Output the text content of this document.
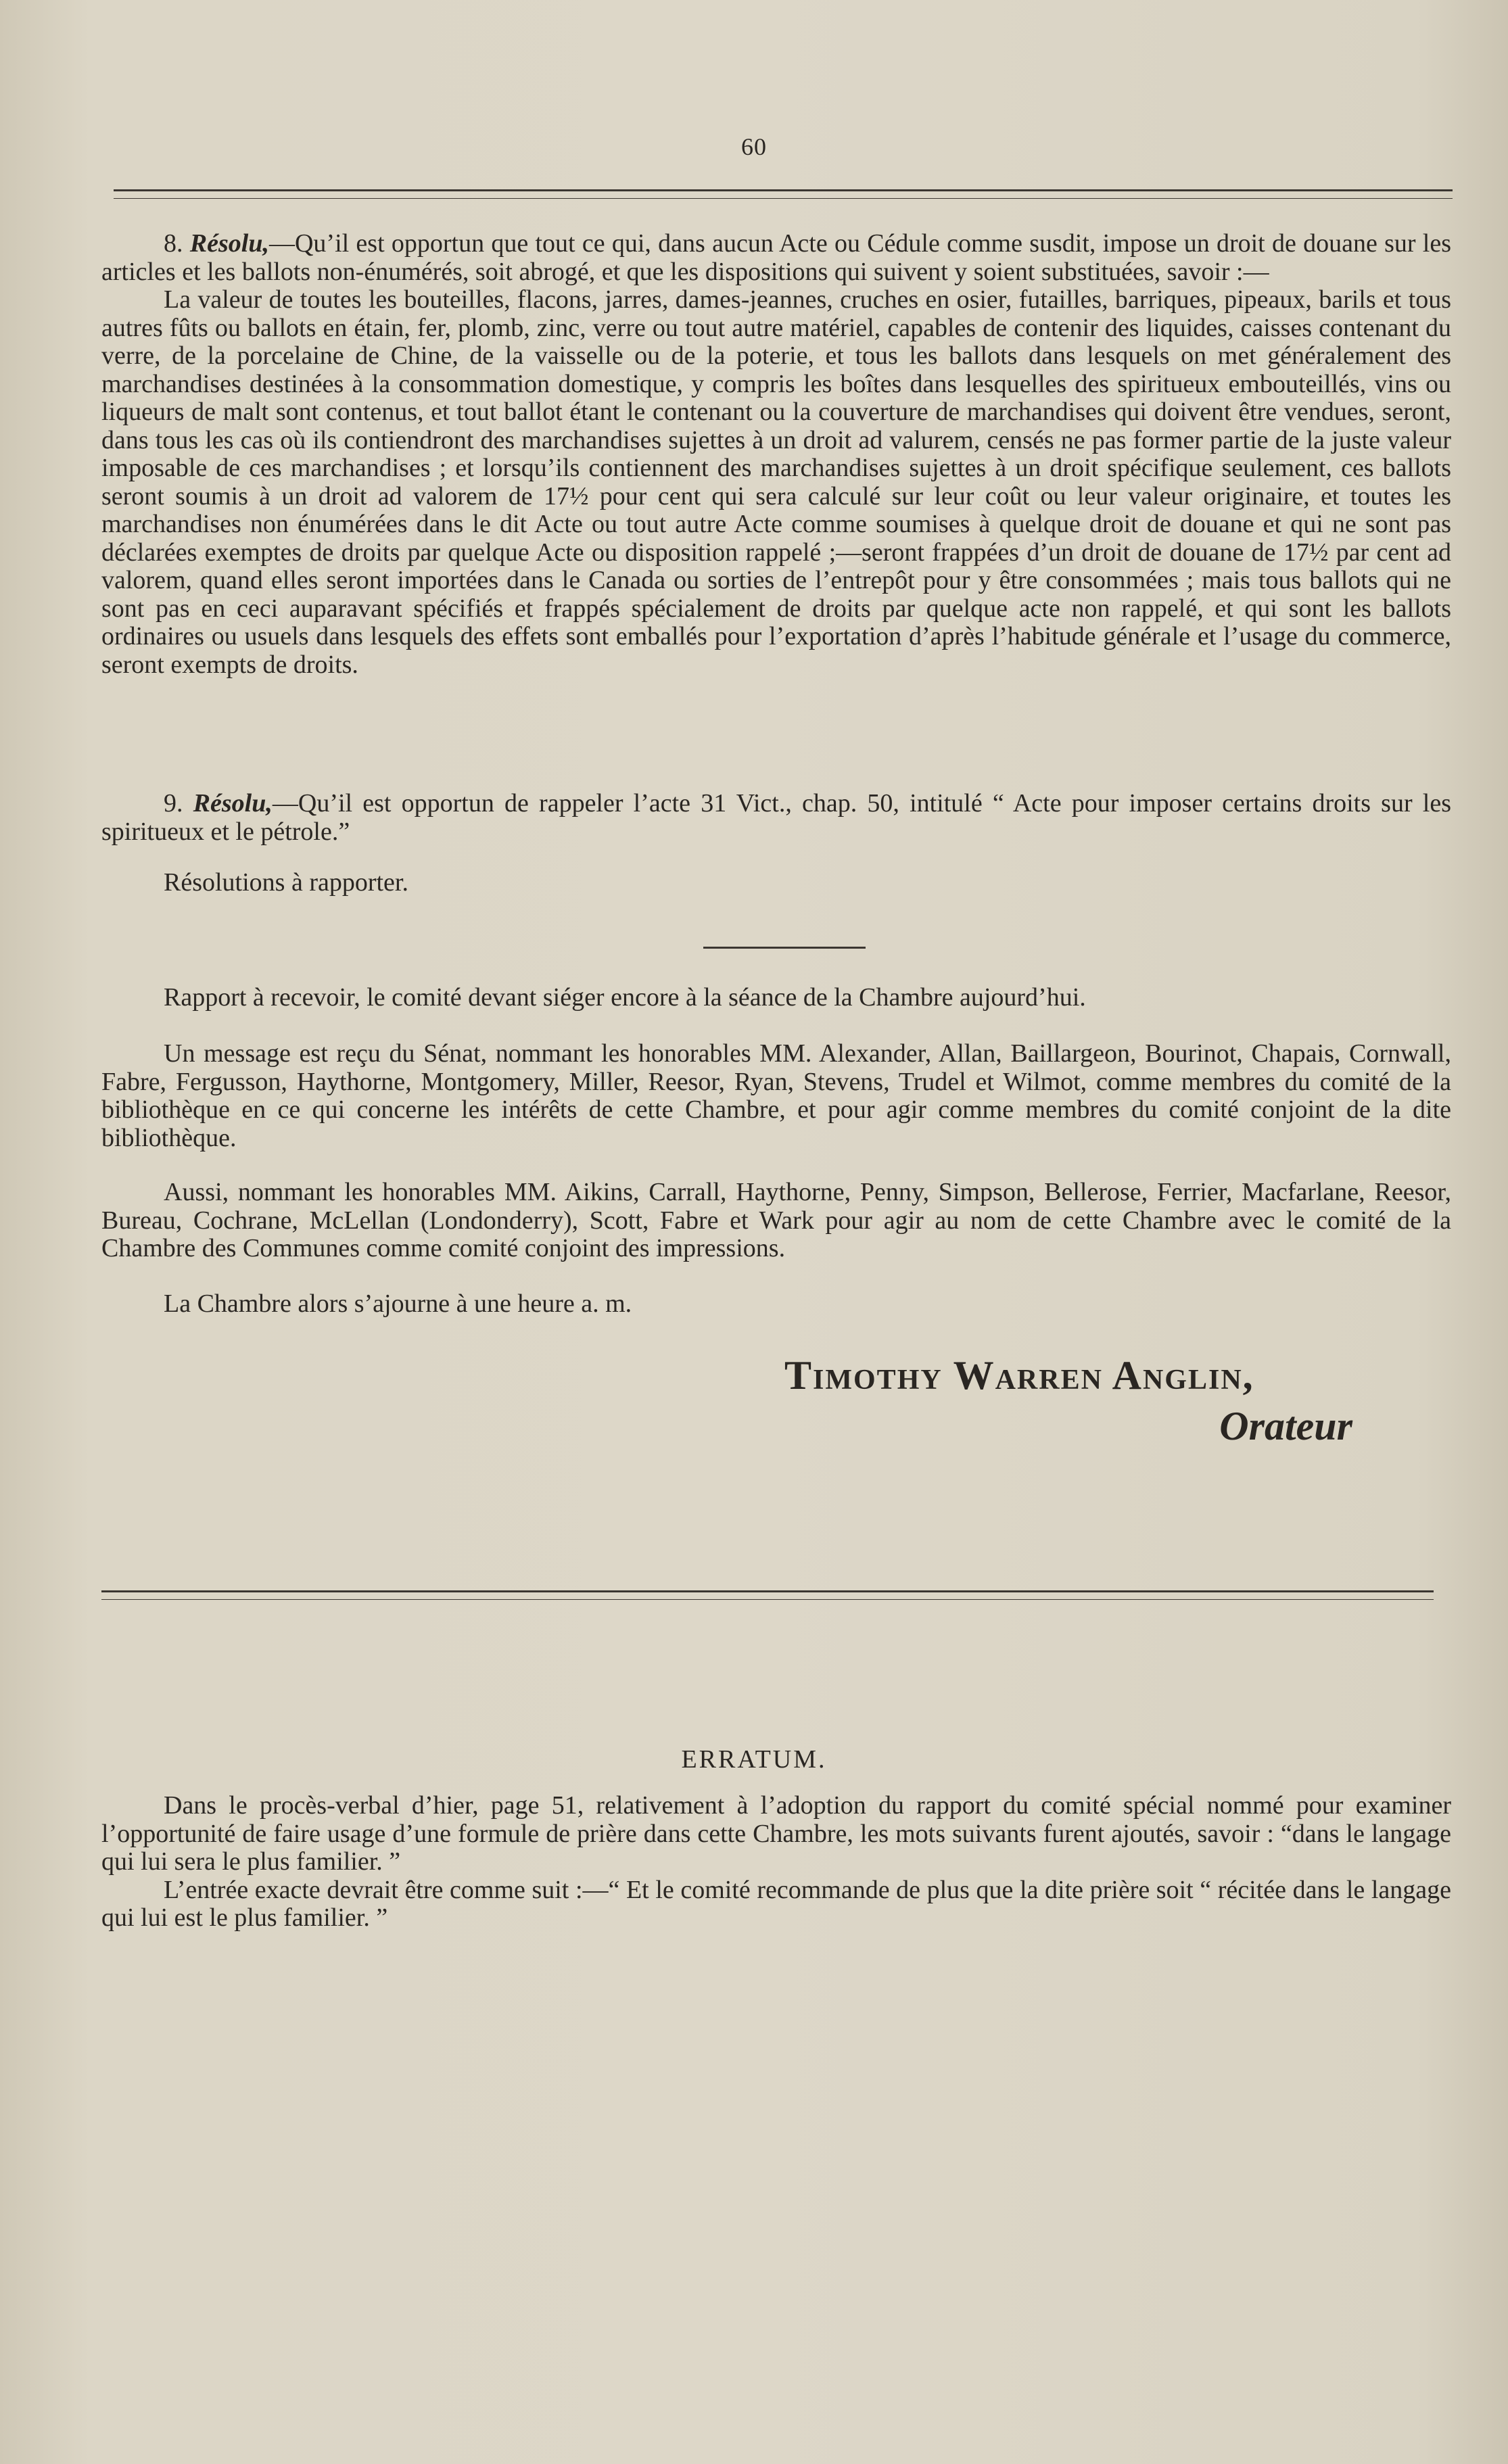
60

8. Résolu,—Qu’il est opportun que tout ce qui, dans aucun Acte ou Cédule comme susdit, impose un droit de douane sur les articles et les ballots non-énumérés, soit abrogé, et que les dispositions qui suivent y soient substituées, savoir :—

La valeur de toutes les bouteilles, flacons, jarres, dames-jeannes, cruches en osier, futailles, barriques, pipeaux, barils et tous autres fûts ou ballots en étain, fer, plomb, zinc, verre ou tout autre matériel, capables de contenir des liquides, caisses contenant du verre, de la porcelaine de Chine, de la vaisselle ou de la poterie, et tous les ballots dans lesquels on met généralement des marchandises destinées à la consommation domestique, y compris les boîtes dans lesquelles des spiritueux embouteillés, vins ou liqueurs de malt sont contenus, et tout ballot étant le contenant ou la couverture de marchandises qui doivent être vendues, seront, dans tous les cas où ils contiendront des marchandises sujettes à un droit ad valurem, censés ne pas former partie de la juste valeur imposable de ces marchandises ; et lorsqu’ils contiennent des marchandises sujettes à un droit spécifique seulement, ces ballots seront soumis à un droit ad valorem de 17½ pour cent qui sera calculé sur leur coût ou leur valeur originaire, et toutes les marchandises non énumérées dans le dit Acte ou tout autre Acte comme soumises à quelque droit de douane et qui ne sont pas déclarées exemptes de droits par quelque Acte ou disposition rappelé ;—seront frappées d’un droit de douane de 17½ par cent ad valorem, quand elles seront importées dans le Canada ou sorties de l’entrepôt pour y être consommées ; mais tous ballots qui ne sont pas en ceci auparavant spécifiés et frappés spécialement de droits par quelque acte non rappelé, et qui sont les ballots ordinaires ou usuels dans lesquels des effets sont emballés pour l’exportation d’après l’habitude générale et l’usage du commerce, seront exempts de droits.

9. Résolu,—Qu’il est opportun de rappeler l’acte 31 Vict., chap. 50, intitulé “ Acte pour imposer certains droits sur les spiritueux et le pétrole.”

Résolutions à rapporter.

Rapport à recevoir, le comité devant siéger encore à la séance de la Chambre aujourd’hui.

Un message est reçu du Sénat, nommant les honorables MM. Alexander, Allan, Baillargeon, Bourinot, Chapais, Cornwall, Fabre, Fergusson, Haythorne, Montgomery, Miller, Reesor, Ryan, Stevens, Trudel et Wilmot, comme membres du comité de la bibliothèque en ce qui concerne les intérêts de cette Chambre, et pour agir comme membres du comité conjoint de la dite bibliothèque.

Aussi, nommant les honorables MM. Aikins, Carrall, Haythorne, Penny, Simpson, Bellerose, Ferrier, Macfarlane, Reesor, Bureau, Cochrane, McLellan (Londonderry), Scott, Fabre et Wark pour agir au nom de cette Chambre avec le comité de la Chambre des Communes comme comité conjoint des impressions.

La Chambre alors s’ajourne à une heure a. m.

Timothy Warren Anglin,
Orateur
ERRATUM.

Dans le procès-verbal d’hier, page 51, relativement à l’adoption du rapport du comité spécial nommé pour examiner l’opportunité de faire usage d’une formule de prière dans cette Chambre, les mots suivants furent ajoutés, savoir : “dans le langage qui lui sera le plus familier. ”

L’entrée exacte devrait être comme suit :—“ Et le comité recommande de plus que la dite prière soit “ récitée dans le langage qui lui est le plus familier. ”
